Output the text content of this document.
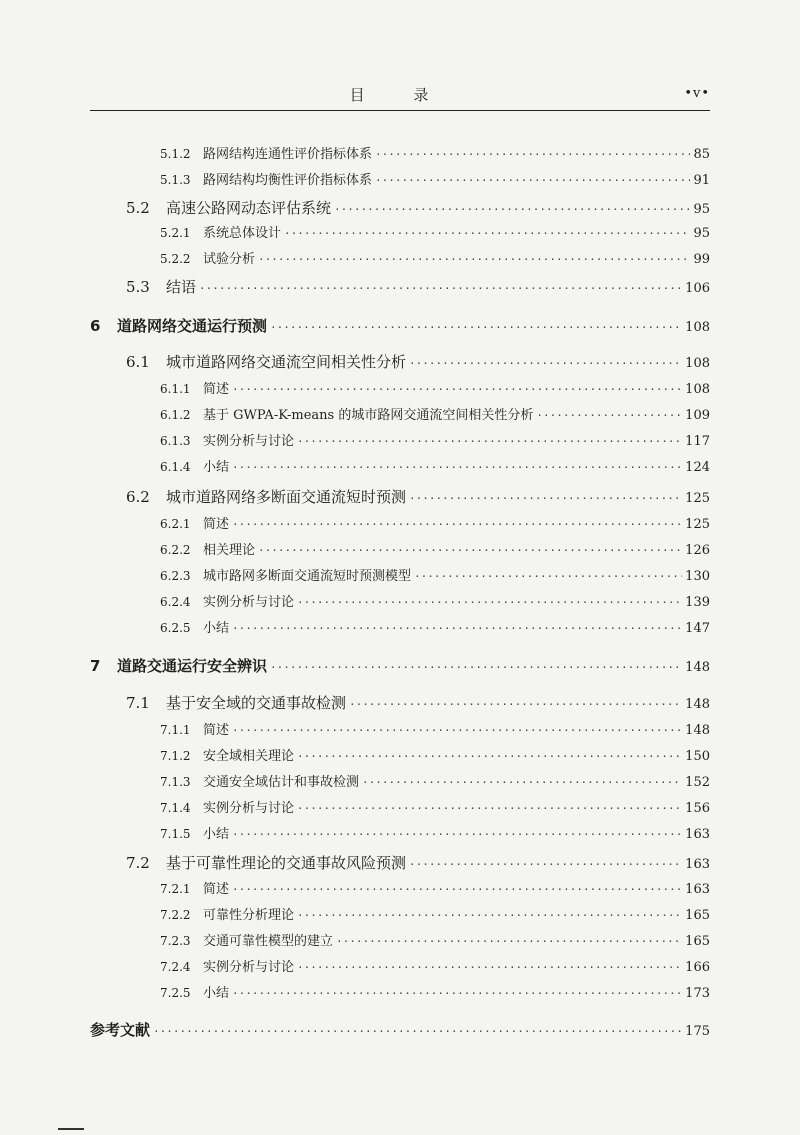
目 录	•v•
5.1.2 路网结构连通性评价指标体系 ·····	85
5.1.3 路网结构均衡性评价指标体系 ·····	91
5.2	高速公路网动态评估系统 ·····	95
5.2.1 系统总体设计 ·····	95
5.2.2 试验分析 ·····	99
5.3	结语 ·····	106
6	道路网络交通运行预测 ·····	108
6.1	城市道路网络交通流空间相关性分析 ·····	108
6.1.1 简述 ·····	108
6.1.2 基于 GWPA-K-means 的城市路网交通流空间相关性分析 ·····	109
6.1.3 实例分析与讨论 ·····	117
6.1.4 小结 ·····	124
6.2	城市道路网络多断面交通流短时预测 ·····	125
6.2.1 简述 ·····	125
6.2.2 相关理论 ·····	126
6.2.3 城市路网多断面交通流短时预测模型 ·····	130
6.2.4 实例分析与讨论 ·····	139
6.2.5 小结 ·····	147
7	道路交通运行安全辨识 ·····	148
7.1	基于安全域的交通事故检测 ·····	148
7.1.1 简述 ·····	148
7.1.2 安全域相关理论 ·····	150
7.1.3 交通安全域估计和事故检测 ·····	152
7.1.4 实例分析与讨论 ·····	156
7.1.5 小结 ·····	163
7.2	基于可靠性理论的交通事故风险预测 ·····	163
7.2.1 简述 ·····	163
7.2.2 可靠性分析理论 ·····	165
7.2.3 交通可靠性模型的建立 ·····	165
7.2.4 实例分析与讨论 ·····	166
7.2.5 小结 ·····	173
参考文献 ·····	175
